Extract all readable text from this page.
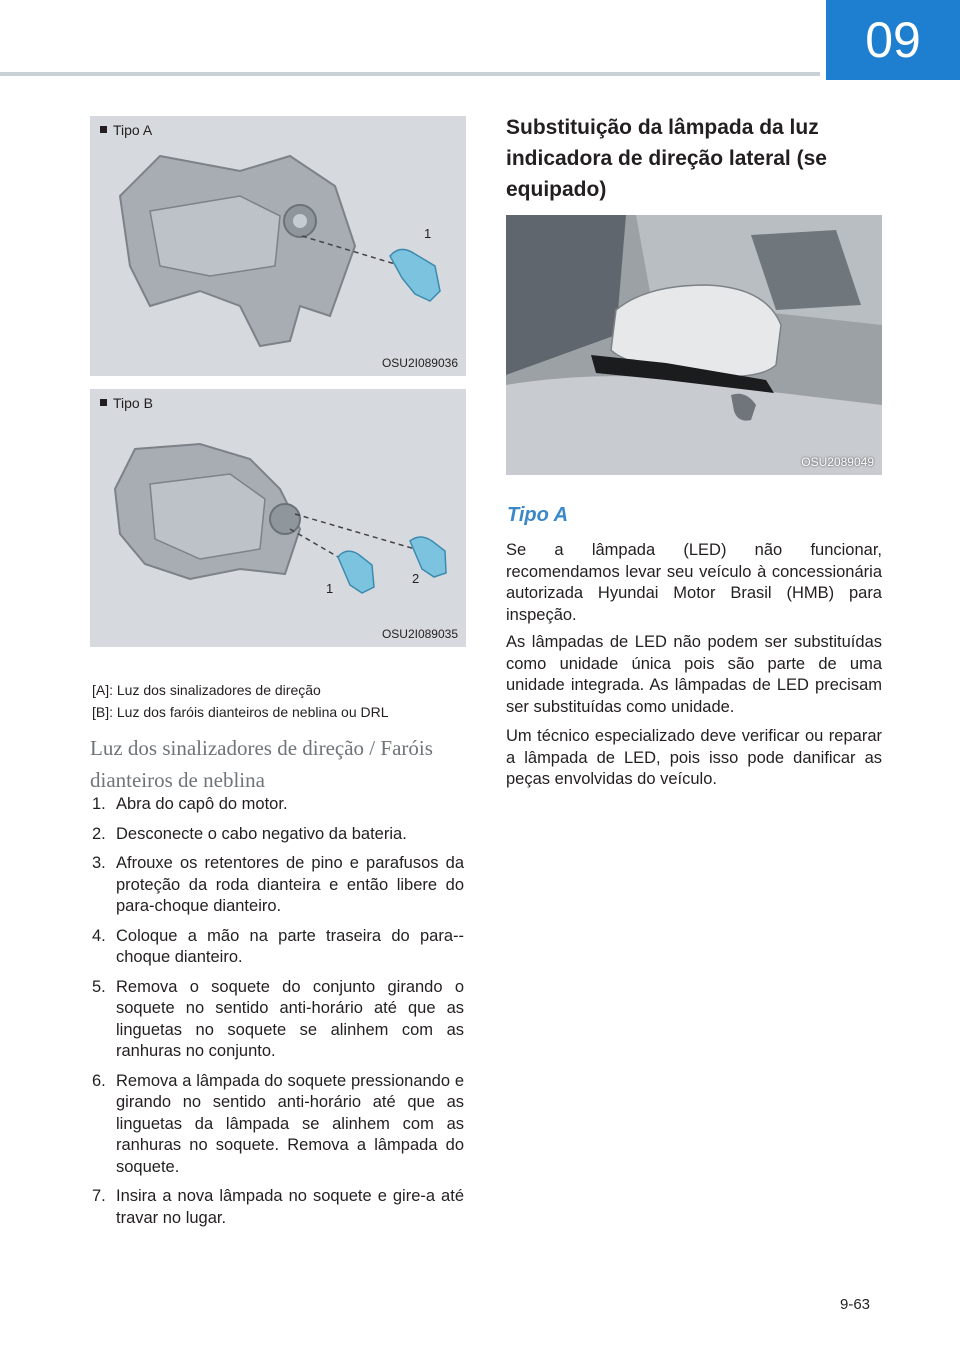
09
Tipo A
1
OSU2I089036
Tipo B
1
2
OSU2I089035
[A]: Luz dos sinalizadores de direção
[B]: Luz dos faróis dianteiros de neblina ou DRL
Luz dos sinalizadores de direção / Faróis dianteiros de neblina
1. Abra do capô do motor.
2. Desconecte o cabo negativo da bateria.
3. Afrouxe os retentores de pino e parafusos da proteção da roda dianteira e então libere do para-choque dianteiro.
4. Coloque a mão na parte traseira do para--choque dianteiro.
5. Remova o soquete do conjunto girando o soquete no sentido anti-horário até que as linguetas no soquete se alinhem com as ranhuras no conjunto.
6. Remova a lâmpada do soquete pressionando e girando no sentido anti-horário até que as linguetas da lâmpada se alinhem com as ranhuras no soquete. Remova a lâmpada do soquete.
7. Insira a nova lâmpada no soquete e gire-a até travar no lugar.
Substituição da lâmpada da luz indicadora de direção lateral (se equipado)
OSU2089049
Tipo A

Se a lâmpada (LED) não funcionar, recomendamos levar seu veículo à concessionária autorizada Hyundai Motor Brasil (HMB) para inspeção.

As lâmpadas de LED não podem ser substituídas como unidade única pois são parte de uma unidade integrada. As lâmpadas de LED precisam ser substituídas como unidade.

Um técnico especializado deve verificar ou reparar a lâmpada de LED, pois isso pode danificar as peças envolvidas do veículo.

9-63
